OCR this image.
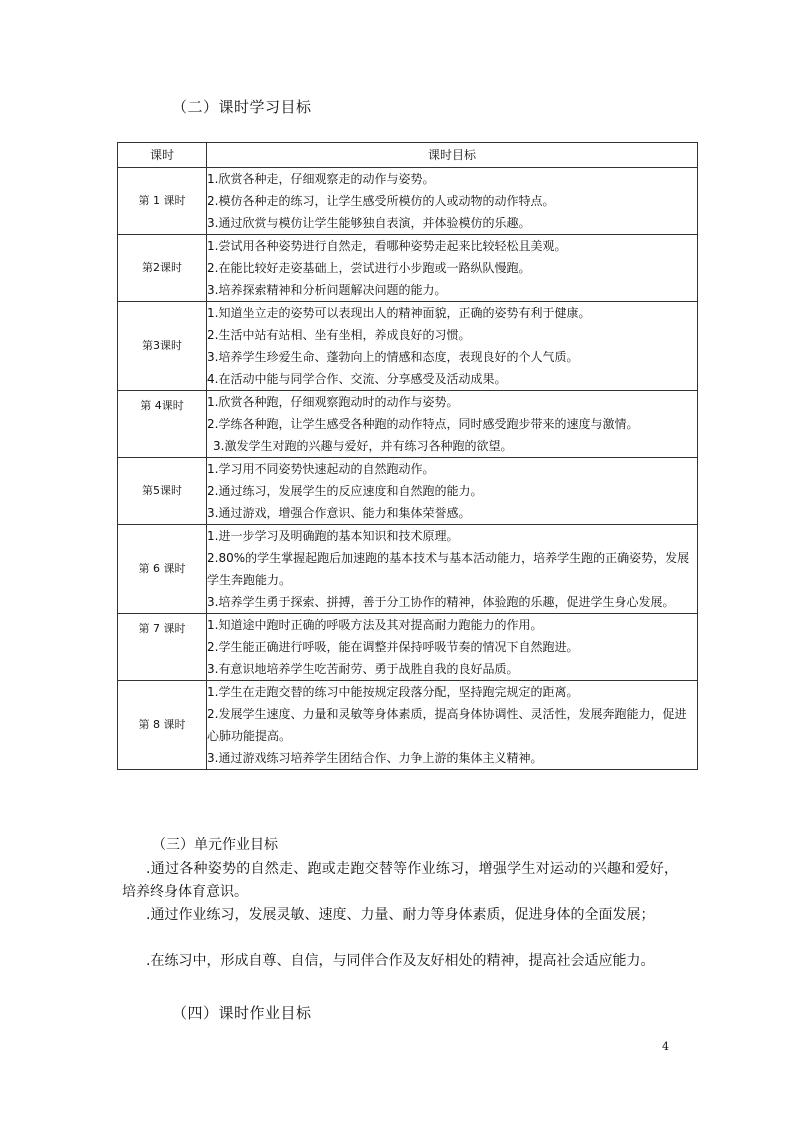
（二）课时学习目标
课时	课时目标
第 1 课时	1.欣赏各种走，仔细观察走的动作与姿势。
2.模仿各种走的练习，让学生感受所模仿的人或动物的动作特点。
3.通过欣赏与模仿让学生能够独自表演，并体验模仿的乐趣。

第2课时	1.尝试用各种姿势进行自然走，看哪种姿势走起来比较轻松且美观。
2.在能比较好走姿基础上，尝试进行小步跑或一路纵队慢跑。
3.培养探索精神和分析问题解决问题的能力。

第3课时	1.知道坐立走的姿势可以表现出人的精神面貌，正确的姿势有利于健康。
2.生活中站有站相、坐有坐相，养成良好的习惯。
3.培养学生珍爱生命、蓬勃向上的情感和态度，表现良好的个人气质。
4.在活动中能与同学合作、交流、分享感受及活动成果。

第 4课时	1.欣赏各种跑，仔细观察跑动时的动作与姿势。
2.学练各种跑，让学生感受各种跑的动作特点，同时感受跑步带来的速度与激情。
3.激发学生对跑的兴趣与爱好，并有练习各种跑的欲望。

第5课时	1.学习用不同姿势快速起动的自然跑动作。
2.通过练习，发展学生的反应速度和自然跑的能力。
3.通过游戏，增强合作意识、能力和集体荣誉感。

第 6 课时	1.进一步学习及明确跑的基本知识和技术原理。
2.80%的学生掌握起跑后加速跑的基本技术与基本活动能力，培养学生跑的正确姿势，发展学生奔跑能力。
3.培养学生勇于探索、拼搏，善于分工协作的精神，体验跑的乐趣，促进学生身心发展。

第 7 课时	1.知道途中跑时正确的呼吸方法及其对提高耐力跑能力的作用。
2.学生能正确进行呼吸，能在调整并保持呼吸节奏的情况下自然跑进。
3.有意识地培养学生吃苦耐劳、勇于战胜自我的良好品质。

第 8 课时	1.学生在走跑交替的练习中能按规定段落分配，坚持跑完规定的距离。
2.发展学生速度、力量和灵敏等身体素质，提高身体协调性、灵活性，发展奔跑能力，促进心肺功能提高。
3.通过游戏练习培养学生团结合作、力争上游的集体主义精神。
（三）单元作业目标
.通过各种姿势的自然走、跑或走跑交替等作业练习，增强学生对运动的兴趣和爱好，培养终身体育意识。
.通过作业练习，发展灵敏、速度、力量、耐力等身体素质，促进身体的全面发展；
.在练习中，形成自尊、自信，与同伴合作及友好相处的精神，提高社会适应能力。
（四）课时作业目标
4
